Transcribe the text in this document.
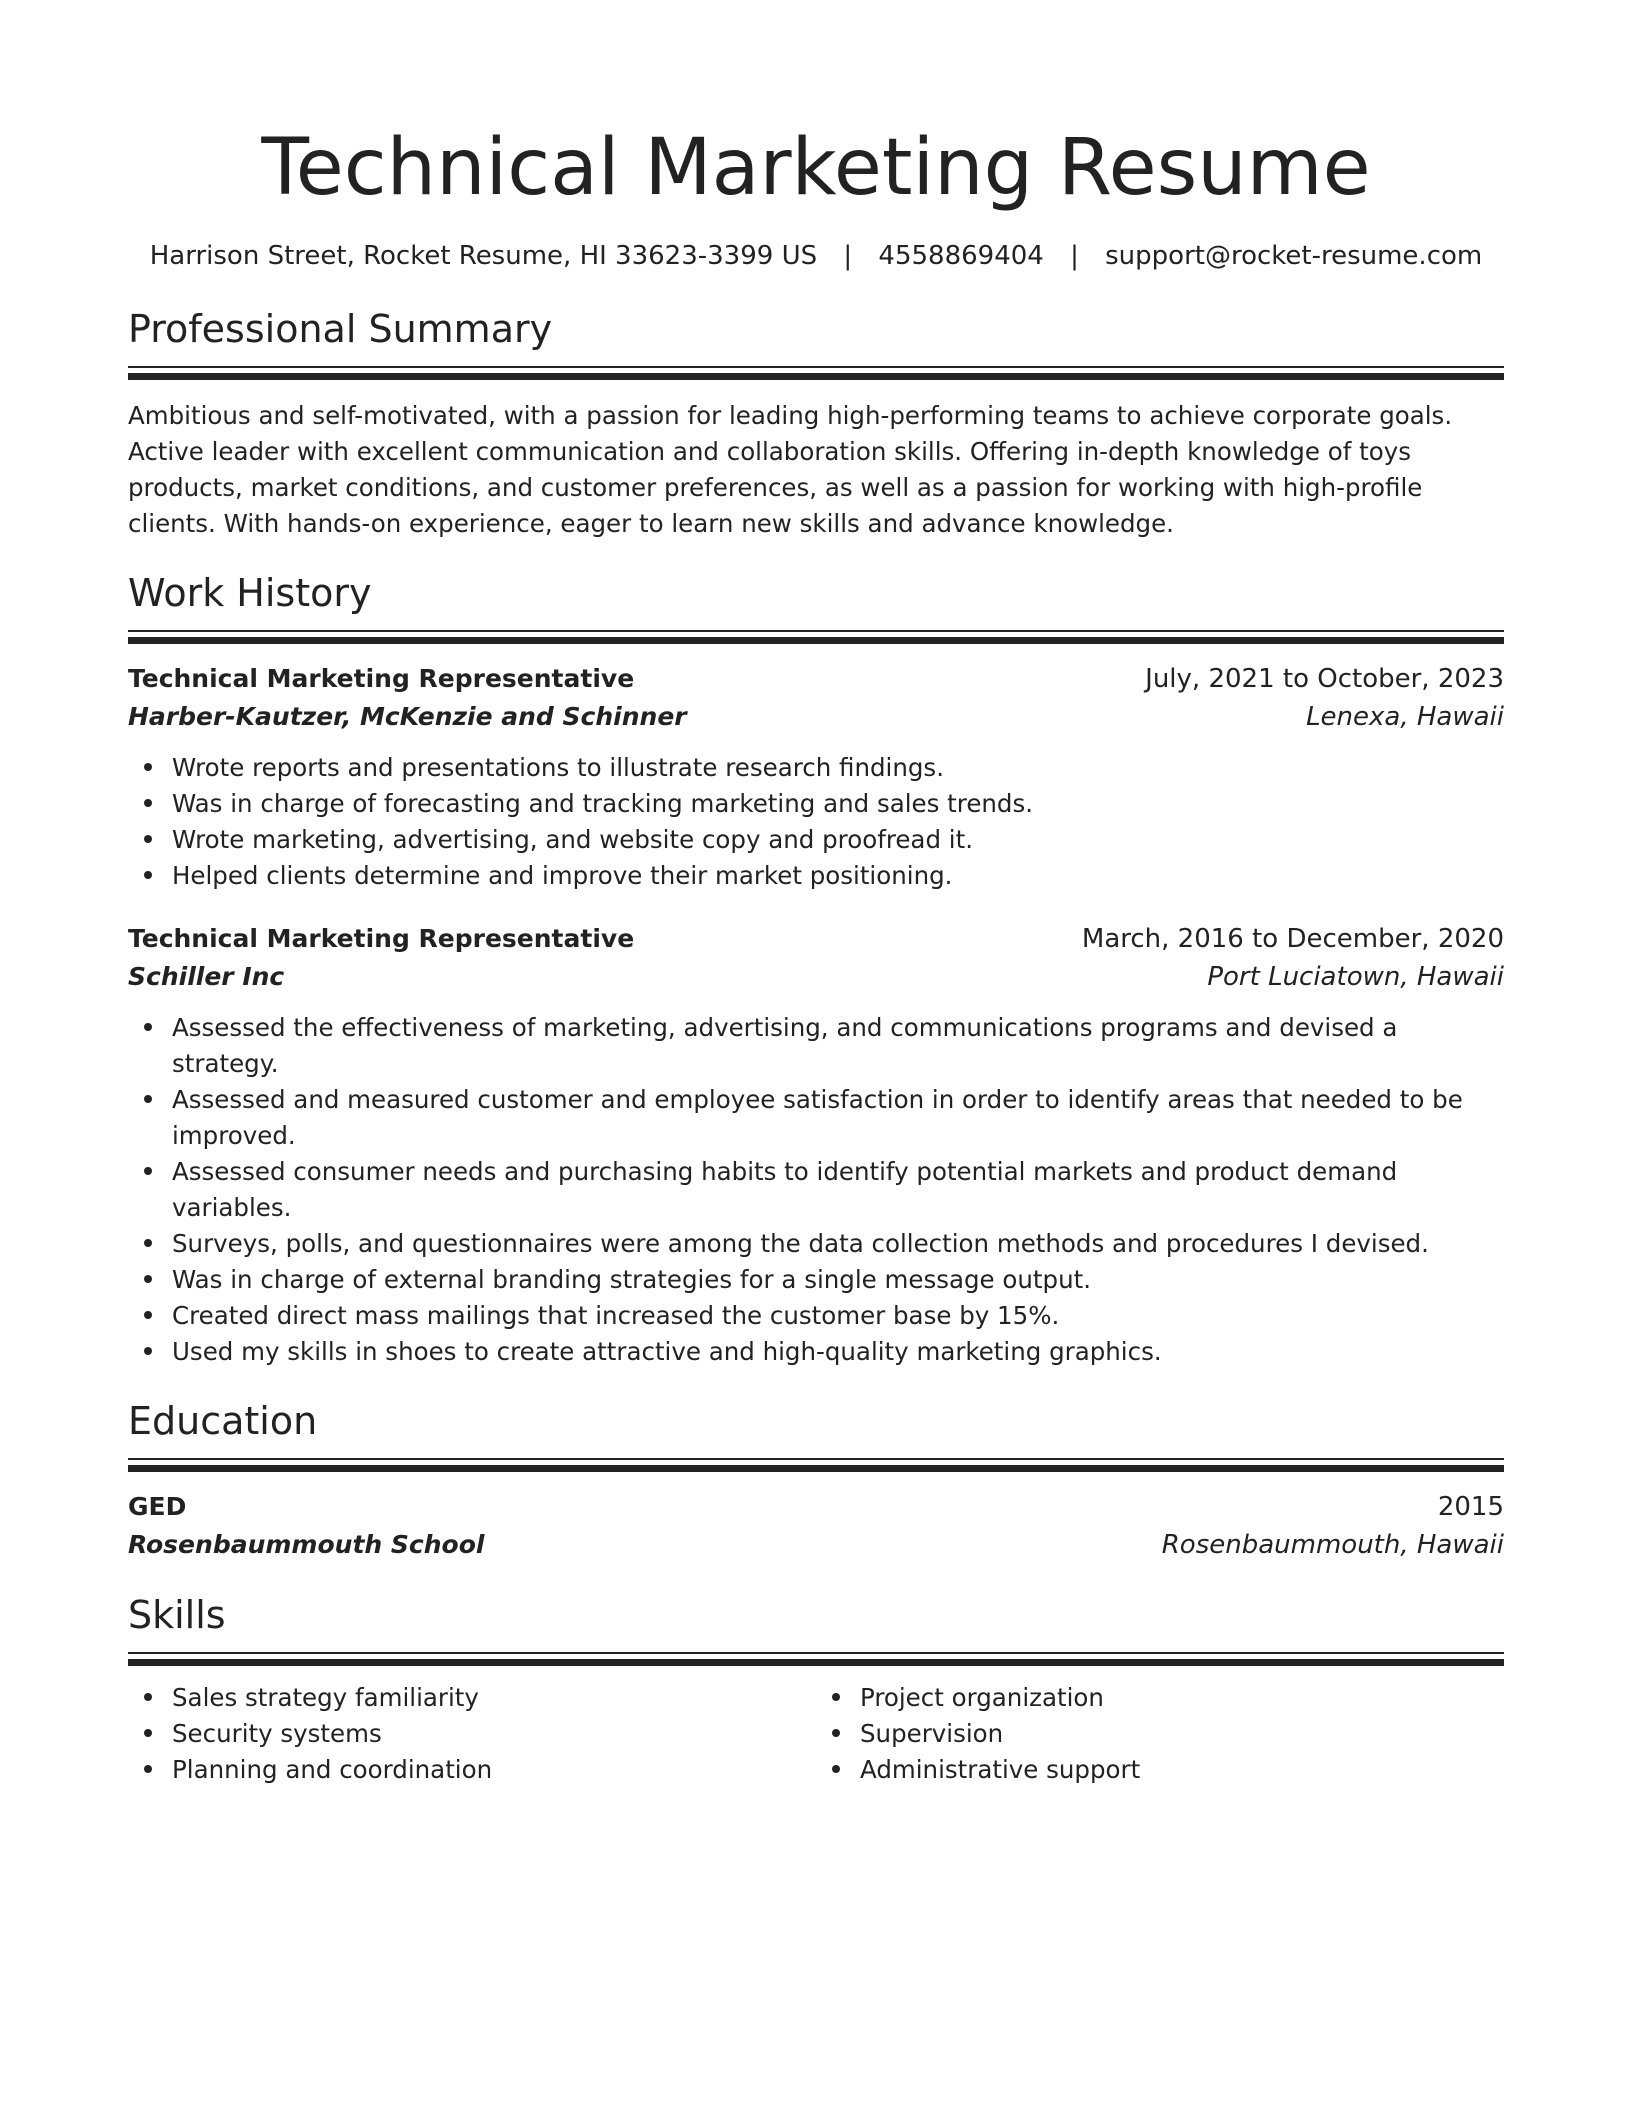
Technical Marketing Resume
Harrison Street, Rocket Resume, HI 33623-3399 US | 4558869404 | support@rocket-resume.com
Professional Summary

Ambitious and self-motivated, with a passion for leading high-performing teams to achieve corporate goals. Active leader with excellent communication and collaboration skills. Offering in-depth knowledge of toys products, market conditions, and customer preferences, as well as a passion for working with high-profile clients. With hands-on experience, eager to learn new skills and advance knowledge.

Work History
Technical Marketing Representative	July, 2021 to October, 2023
Harber-Kautzer, McKenzie and Schinner	Lenexa, Hawaii
Wrote reports and presentations to illustrate research findings.
Was in charge of forecasting and tracking marketing and sales trends.
Wrote marketing, advertising, and website copy and proofread it.
Helped clients determine and improve their market positioning.
Technical Marketing Representative	March, 2016 to December, 2020
Schiller Inc	Port Luciatown, Hawaii
Assessed the effectiveness of marketing, advertising, and communications programs and devised a strategy.
Assessed and measured customer and employee satisfaction in order to identify areas that needed to be improved.
Assessed consumer needs and purchasing habits to identify potential markets and product demand variables.
Surveys, polls, and questionnaires were among the data collection methods and procedures I devised.
Was in charge of external branding strategies for a single message output.
Created direct mass mailings that increased the customer base by 15%.
Used my skills in shoes to create attractive and high-quality marketing graphics.
Education
GED	2015
Rosenbaummouth School	Rosenbaummouth, Hawaii
Skills
Sales strategy familiarity
Security systems
Planning and coordination
Project organization
Supervision
Administrative support
